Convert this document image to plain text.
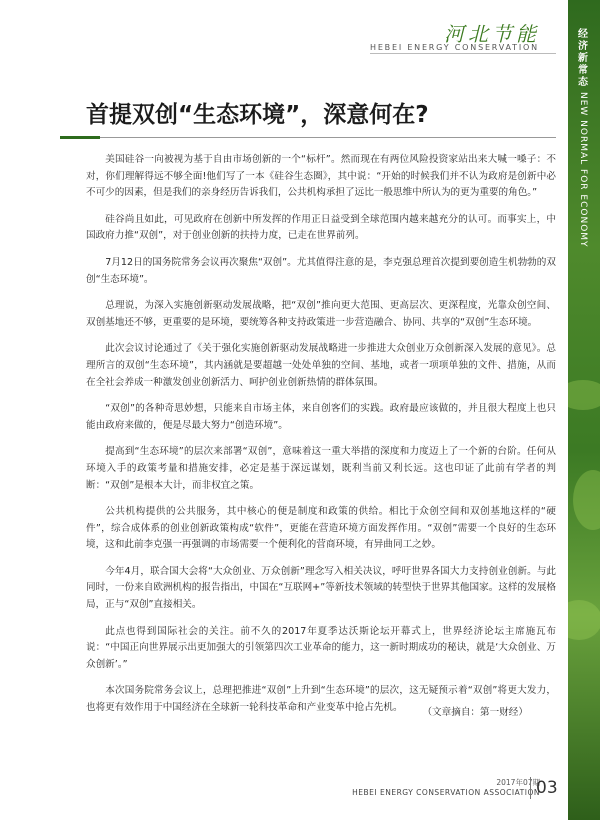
经
济
新
常
态
NEW NORMAL FOR ECONOMY
河北节能
HEBEI ENERGY CONSERVATION
首提双创“生态环境”，深意何在?

美国硅谷一向被视为基于自由市场创新的一个“标杆”。然而现在有两位风险投资家站出来大喊一嗓子：不对，你们理解得远不够全面!他们写了一本《硅谷生态圈》，其中说：“开始的时候我们并不认为政府是创新中必不可少的因素，但是我们的亲身经历告诉我们，公共机构承担了远比一般思维中所认为的更为重要的角色。”

硅谷尚且如此，可见政府在创新中所发挥的作用正日益受到全球范围内越来越充分的认可。而事实上，中国政府力推“双创”，对于创业创新的扶持力度，已走在世界前列。

7月12日的国务院常务会议再次聚焦“双创”。尤其值得注意的是，李克强总理首次提到要创造生机勃勃的双创“生态环境”。

总理说，为深入实施创新驱动发展战略，把“双创”推向更大范围、更高层次、更深程度，光靠众创空间、双创基地还不够，更重要的是环境，要统筹各种支持政策进一步营造融合、协同、共享的“双创”生态环境。

此次会议讨论通过了《关于强化实施创新驱动发展战略进一步推进大众创业万众创新深入发展的意见》。总理所言的双创“生态环境”，其内涵就是要超越一处处单独的空间、基地，或者一项项单独的文件、措施，从而在全社会养成一种激发创业创新活力、呵护创业创新热情的群体氛围。

“双创”的各种奇思妙想，只能来自市场主体，来自创客们的实践。政府最应该做的，并且很大程度上也只能由政府来做的，便是尽最大努力“创造环境”。

提高到“生态环境”的层次来部署“双创”，意味着这一重大举措的深度和力度迈上了一个新的台阶。任何从环境入手的政策考量和措施安排，必定是基于深远谋划，既利当前又利长远。这也印证了此前有学者的判断：“双创”是根本大计，而非权宜之策。

公共机构提供的公共服务，其中核心的便是制度和政策的供给。相比于众创空间和双创基地这样的“硬件”，综合成体系的创业创新政策构成“软件”，更能在营造环境方面发挥作用。“双创”需要一个良好的生态环境，这和此前李克强一再强调的市场需要一个便利化的营商环境，有异曲同工之妙。

今年4月，联合国大会将“大众创业、万众创新”理念写入相关决议，呼吁世界各国大力支持创业创新。与此同时，一份来自欧洲机构的报告指出，中国在“互联网+”等新技术领域的转型快于世界其他国家。这样的发展格局，正与“双创”直接相关。

此点也得到国际社会的关注。前不久的2017年夏季达沃斯论坛开幕式上，世界经济论坛主席施瓦布说：“中国正向世界展示出更加强大的引领第四次工业革命的能力，这一新时期成功的秘诀，就是‘大众创业、万众创新’。”

本次国务院常务会议上，总理把推进“双创”上升到“生态环境”的层次，这无疑预示着“双创”将更大发力，也将更有效作用于中国经济在全球新一轮科技革命和产业变革中抢占先机。	（文章摘自：第一财经）
2017年07期
HEBEI ENERGY CONSERVATION ASSOCIATION
03
